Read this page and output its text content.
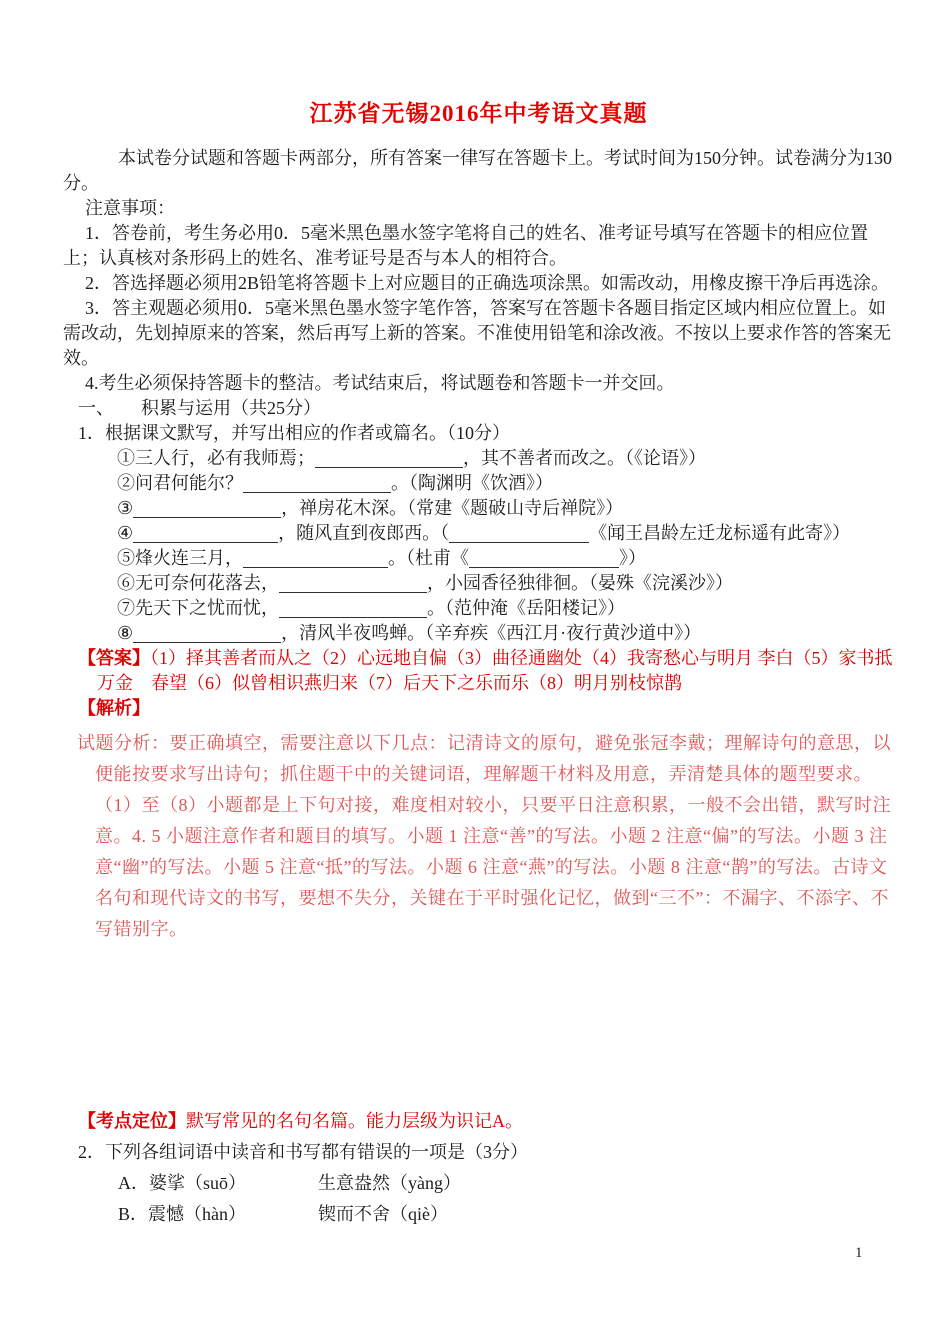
江苏省无锡2016年中考语文真题
本试卷分试题和答题卡两部分，所有答案一律写在答题卡上。考试时间为150分钟。试卷满分为130分。
注意事项：
1．答卷前，考生务必用0．5毫米黑色墨水签字笔将自己的姓名、准考证号填写在答题卡的相应位置上；认真核对条形码上的姓名、准考证号是否与本人的相符合。
2．答选择题必须用2B铅笔将答题卡上对应题目的正确选项涂黑。如需改动，用橡皮擦干净后再选涂。
3．答主观题必须用0．5毫米黑色墨水签字笔作答，答案写在答题卡各题目指定区域内相应位置上。如需改动，先划掉原来的答案，然后再写上新的答案。不准使用铅笔和涂改液。不按以上要求作答的答案无效。
4.考生必须保持答题卡的整洁。考试结束后，将试题卷和答题卡一并交回。
一、　　积累与运用（共25分）
1．根据课文默写，并写出相应的作者或篇名。（10分）
①三人行，必有我师焉；	，其不善者而改之。（《论语》）
②问君何能尔？	。（陶渊明《饮酒》）
③	，禅房花木深。（常建《题破山寺后禅院》）
④	，随风直到夜郎西。（	《闻王昌龄左迁龙标遥有此寄》）
⑤烽火连三月，	。（杜甫《	》）
⑥无可奈何花落去，	，小园香径独徘徊。（晏殊《浣溪沙》）
⑦先天下之忧而忧，	。（范仲淹《岳阳楼记》）
⑧	，清风半夜鸣蝉。（辛弃疾《西江月·夜行黄沙道中》）
【答案】（1）择其善者而从之（2）心远地自偏（3）曲径通幽处（4）我寄愁心与明月 李白（5）家书抵万金　春望（6）似曾相识燕归来（7）后天下之乐而乐（8）明月别枝惊鹊
【解析】
试题分析：要正确填空，需要注意以下几点：记清诗文的原句，避免张冠李戴；理解诗句的意思，以便能按要求写出诗句；抓住题干中的关键词语，理解题干材料及用意，弄清楚具体的题型要求。　（1）至（8）小题都是上下句对接，难度相对较小，只要平日注意积累，一般不会出错，默写时注意。4. 5 小题注意作者和题目的填写。小题 1 注意“善”的写法。小题 2 注意“偏”的写法。小题 3 注意“幽”的写法。小题 5 注意“抵”的写法。小题 6 注意“燕”的写法。小题 8 注意“鹊”的写法。古诗文名句和现代诗文的书写，要想不失分，关键在于平时强化记忆，做到“三不”：不漏字、不添字、不写错别字。
【考点定位】默写常见的名句名篇。能力层级为识记A。
2．下列各组词语中读音和书写都有错误的一项是（3分）
A．婆挲（suō）	生意盎然（yàng）
B．震憾（hàn）	锲而不舍（qiè）
1
